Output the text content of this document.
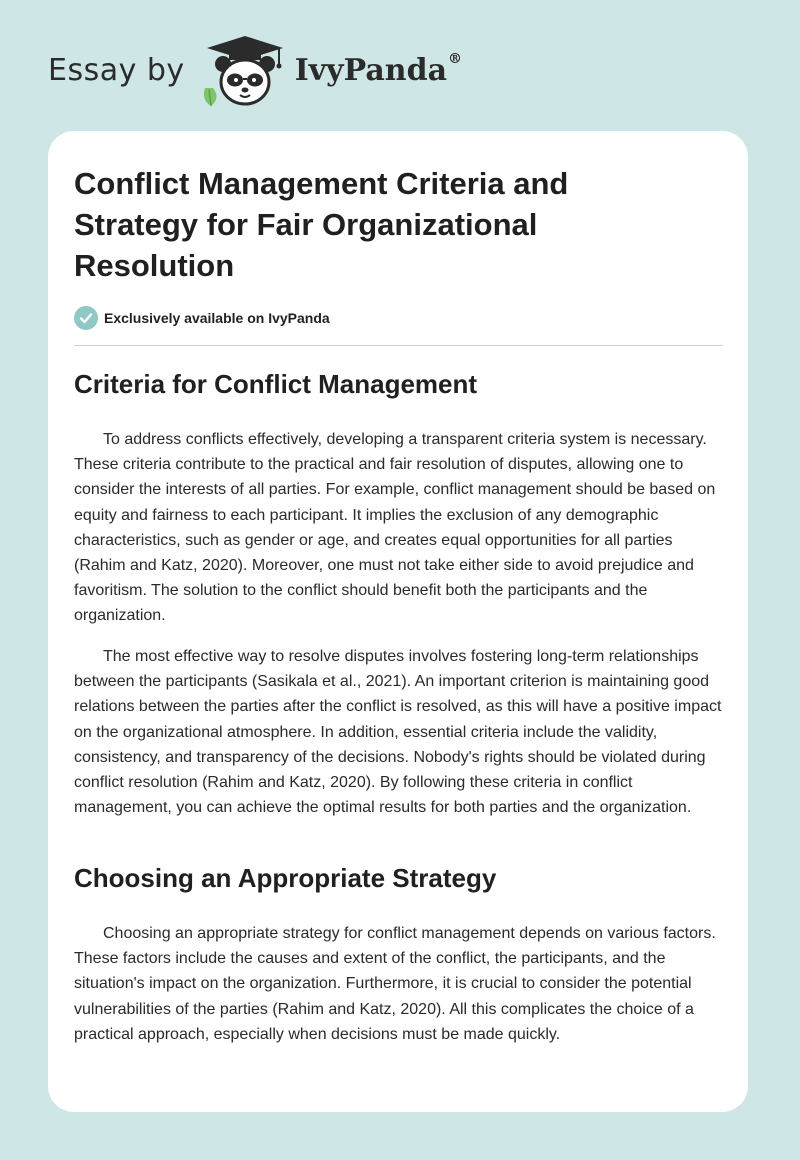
Essay by	IvyPanda®
Conflict Management Criteria and Strategy for Fair Organizational Resolution
Exclusively available on IvyPanda
Criteria for Conflict Management

To address conflicts effectively, developing a transparent criteria system is necessary. These criteria contribute to the practical and fair resolution of disputes, allowing one to consider the interests of all parties. For example, conflict management should be based on equity and fairness to each participant. It implies the exclusion of any demographic characteristics, such as gender or age, and creates equal opportunities for all parties (Rahim and Katz, 2020). Moreover, one must not take either side to avoid prejudice and favoritism. The solution to the conflict should benefit both the participants and the organization.

The most effective way to resolve disputes involves fostering long-term relationships between the participants (Sasikala et al., 2021). An important criterion is maintaining good relations between the parties after the conflict is resolved, as this will have a positive impact on the organizational atmosphere. In addition, essential criteria include the validity, consistency, and transparency of the decisions. Nobody's rights should be violated during conflict resolution (Rahim and Katz, 2020). By following these criteria in conflict management, you can achieve the optimal results for both parties and the organization.

Choosing an Appropriate Strategy

Choosing an appropriate strategy for conflict management depends on various factors. These factors include the causes and extent of the conflict, the participants, and the situation's impact on the organization. Furthermore, it is crucial to consider the potential vulnerabilities of the parties (Rahim and Katz, 2020). All this complicates the choice of a practical approach, especially when decisions must be made quickly.
